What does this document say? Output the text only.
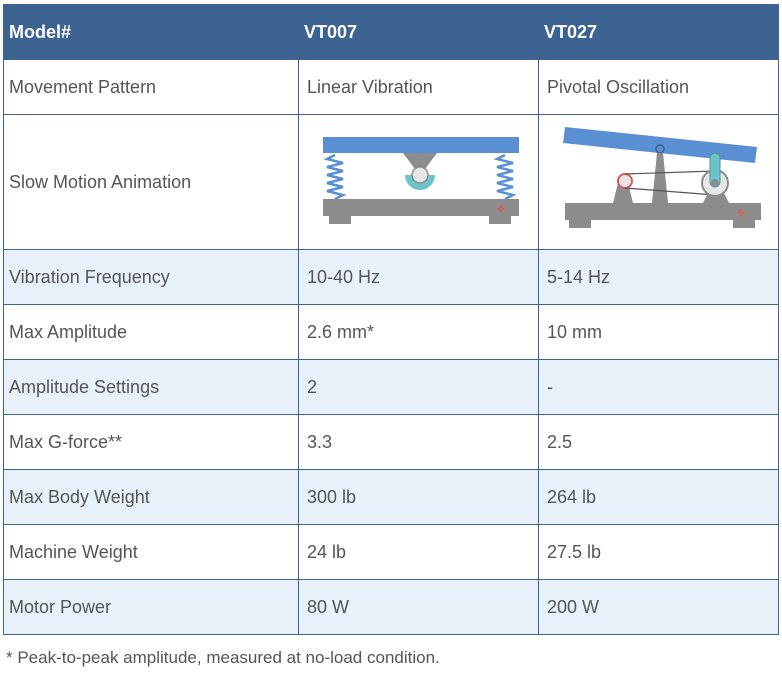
Model#	VT007	VT027
Movement Pattern	Linear Vibration	Pivotal Oscillation
Slow Motion Animation	✤	✤

Vibration Frequency	10-40 Hz	5-14 Hz
Max Amplitude	2.6 mm*	10 mm
Amplitude Settings	2	-
Max G-force**	3.3	2.5
Max Body Weight	300 lb	264 lb
Machine Weight	24 lb	27.5 lb
Motor Power	80 W	200 W
* Peak-to-peak amplitude, measured at no-load condition.
